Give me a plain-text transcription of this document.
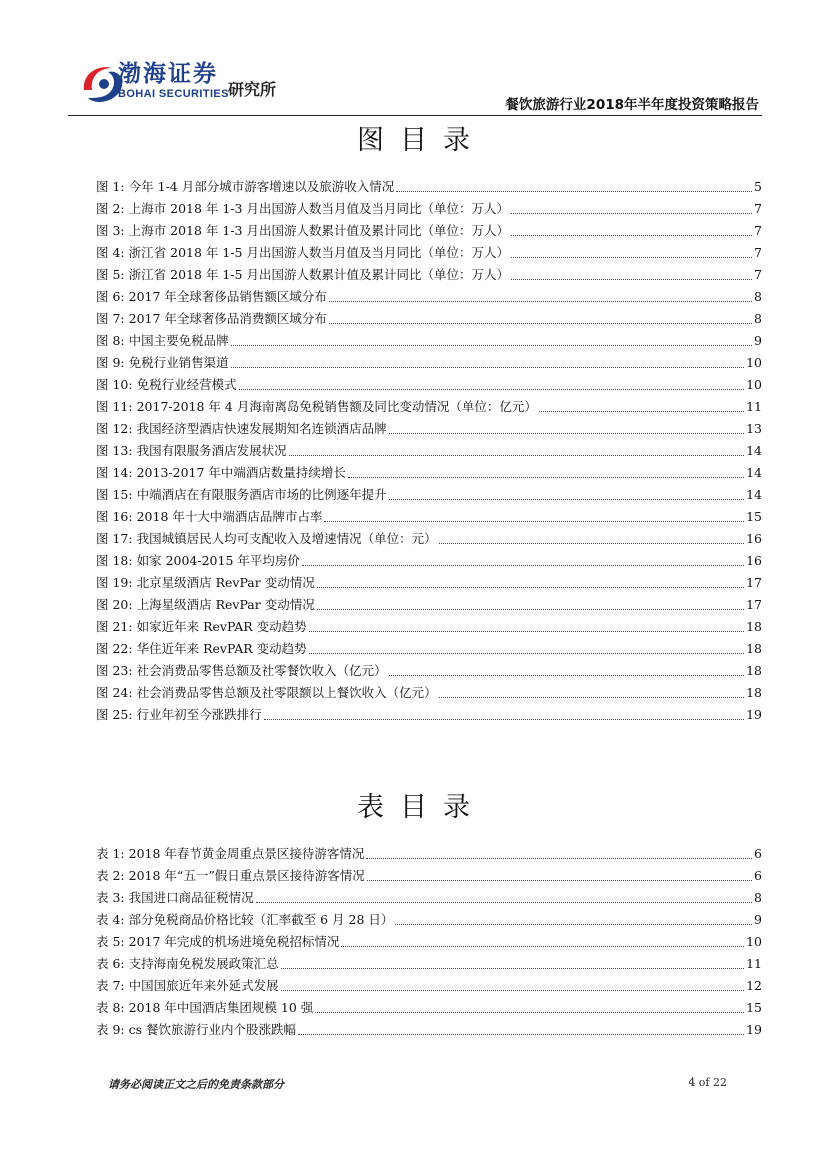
渤海证券
BOHAI SECURITIES 研究所
餐饮旅游行业2018年半年度投资策略报告
图目录
图 1: 今年 1-4 月部分城市游客增速以及旅游收入情况	5
图 2: 上海市 2018 年 1-3 月出国游人数当月值及当月同比（单位：万人）	7
图 3: 上海市 2018 年 1-3 月出国游人数累计值及累计同比（单位：万人）	7
图 4: 浙江省 2018 年 1-5 月出国游人数当月值及当月同比（单位：万人）	7
图 5: 浙江省 2018 年 1-5 月出国游人数累计值及累计同比（单位：万人）	7
图 6: 2017 年全球奢侈品销售额区域分布	8
图 7: 2017 年全球奢侈品消费额区域分布	8
图 8: 中国主要免税品牌	9
图 9: 免税行业销售渠道	10
图 10: 免税行业经营模式	10
图 11: 2017-2018 年 4 月海南离岛免税销售额及同比变动情况（单位：亿元）	11
图 12: 我国经济型酒店快速发展期知名连锁酒店品牌	13
图 13: 我国有限服务酒店发展状况	14
图 14: 2013-2017 年中端酒店数量持续增长	14
图 15: 中端酒店在有限服务酒店市场的比例逐年提升	14
图 16: 2018 年十大中端酒店品牌市占率	15
图 17: 我国城镇居民人均可支配收入及增速情况（单位：元）	16
图 18: 如家 2004-2015 年平均房价	16
图 19: 北京星级酒店 RevPar 变动情况	17
图 20: 上海星级酒店 RevPar 变动情况	17
图 21: 如家近年来 RevPAR 变动趋势	18
图 22: 华住近年来 RevPAR 变动趋势	18
图 23: 社会消费品零售总额及社零餐饮收入（亿元）	18
图 24: 社会消费品零售总额及社零限额以上餐饮收入（亿元）	18
图 25: 行业年初至今涨跌排行	19
表目录
表 1: 2018 年春节黄金周重点景区接待游客情况	6
表 2: 2018 年“五一”假日重点景区接待游客情况	6
表 3: 我国进口商品征税情况	8
表 4: 部分免税商品价格比较（汇率截至 6 月 28 日）	9
表 5: 2017 年完成的机场进境免税招标情况	10
表 6: 支持海南免税发展政策汇总	11
表 7: 中国国旅近年来外延式发展	12
表 8: 2018 年中国酒店集团规模 10 强	15
表 9: cs 餐饮旅游行业内个股涨跌幅	19
请务必阅读正文之后的免责条款部分	4 of 22
